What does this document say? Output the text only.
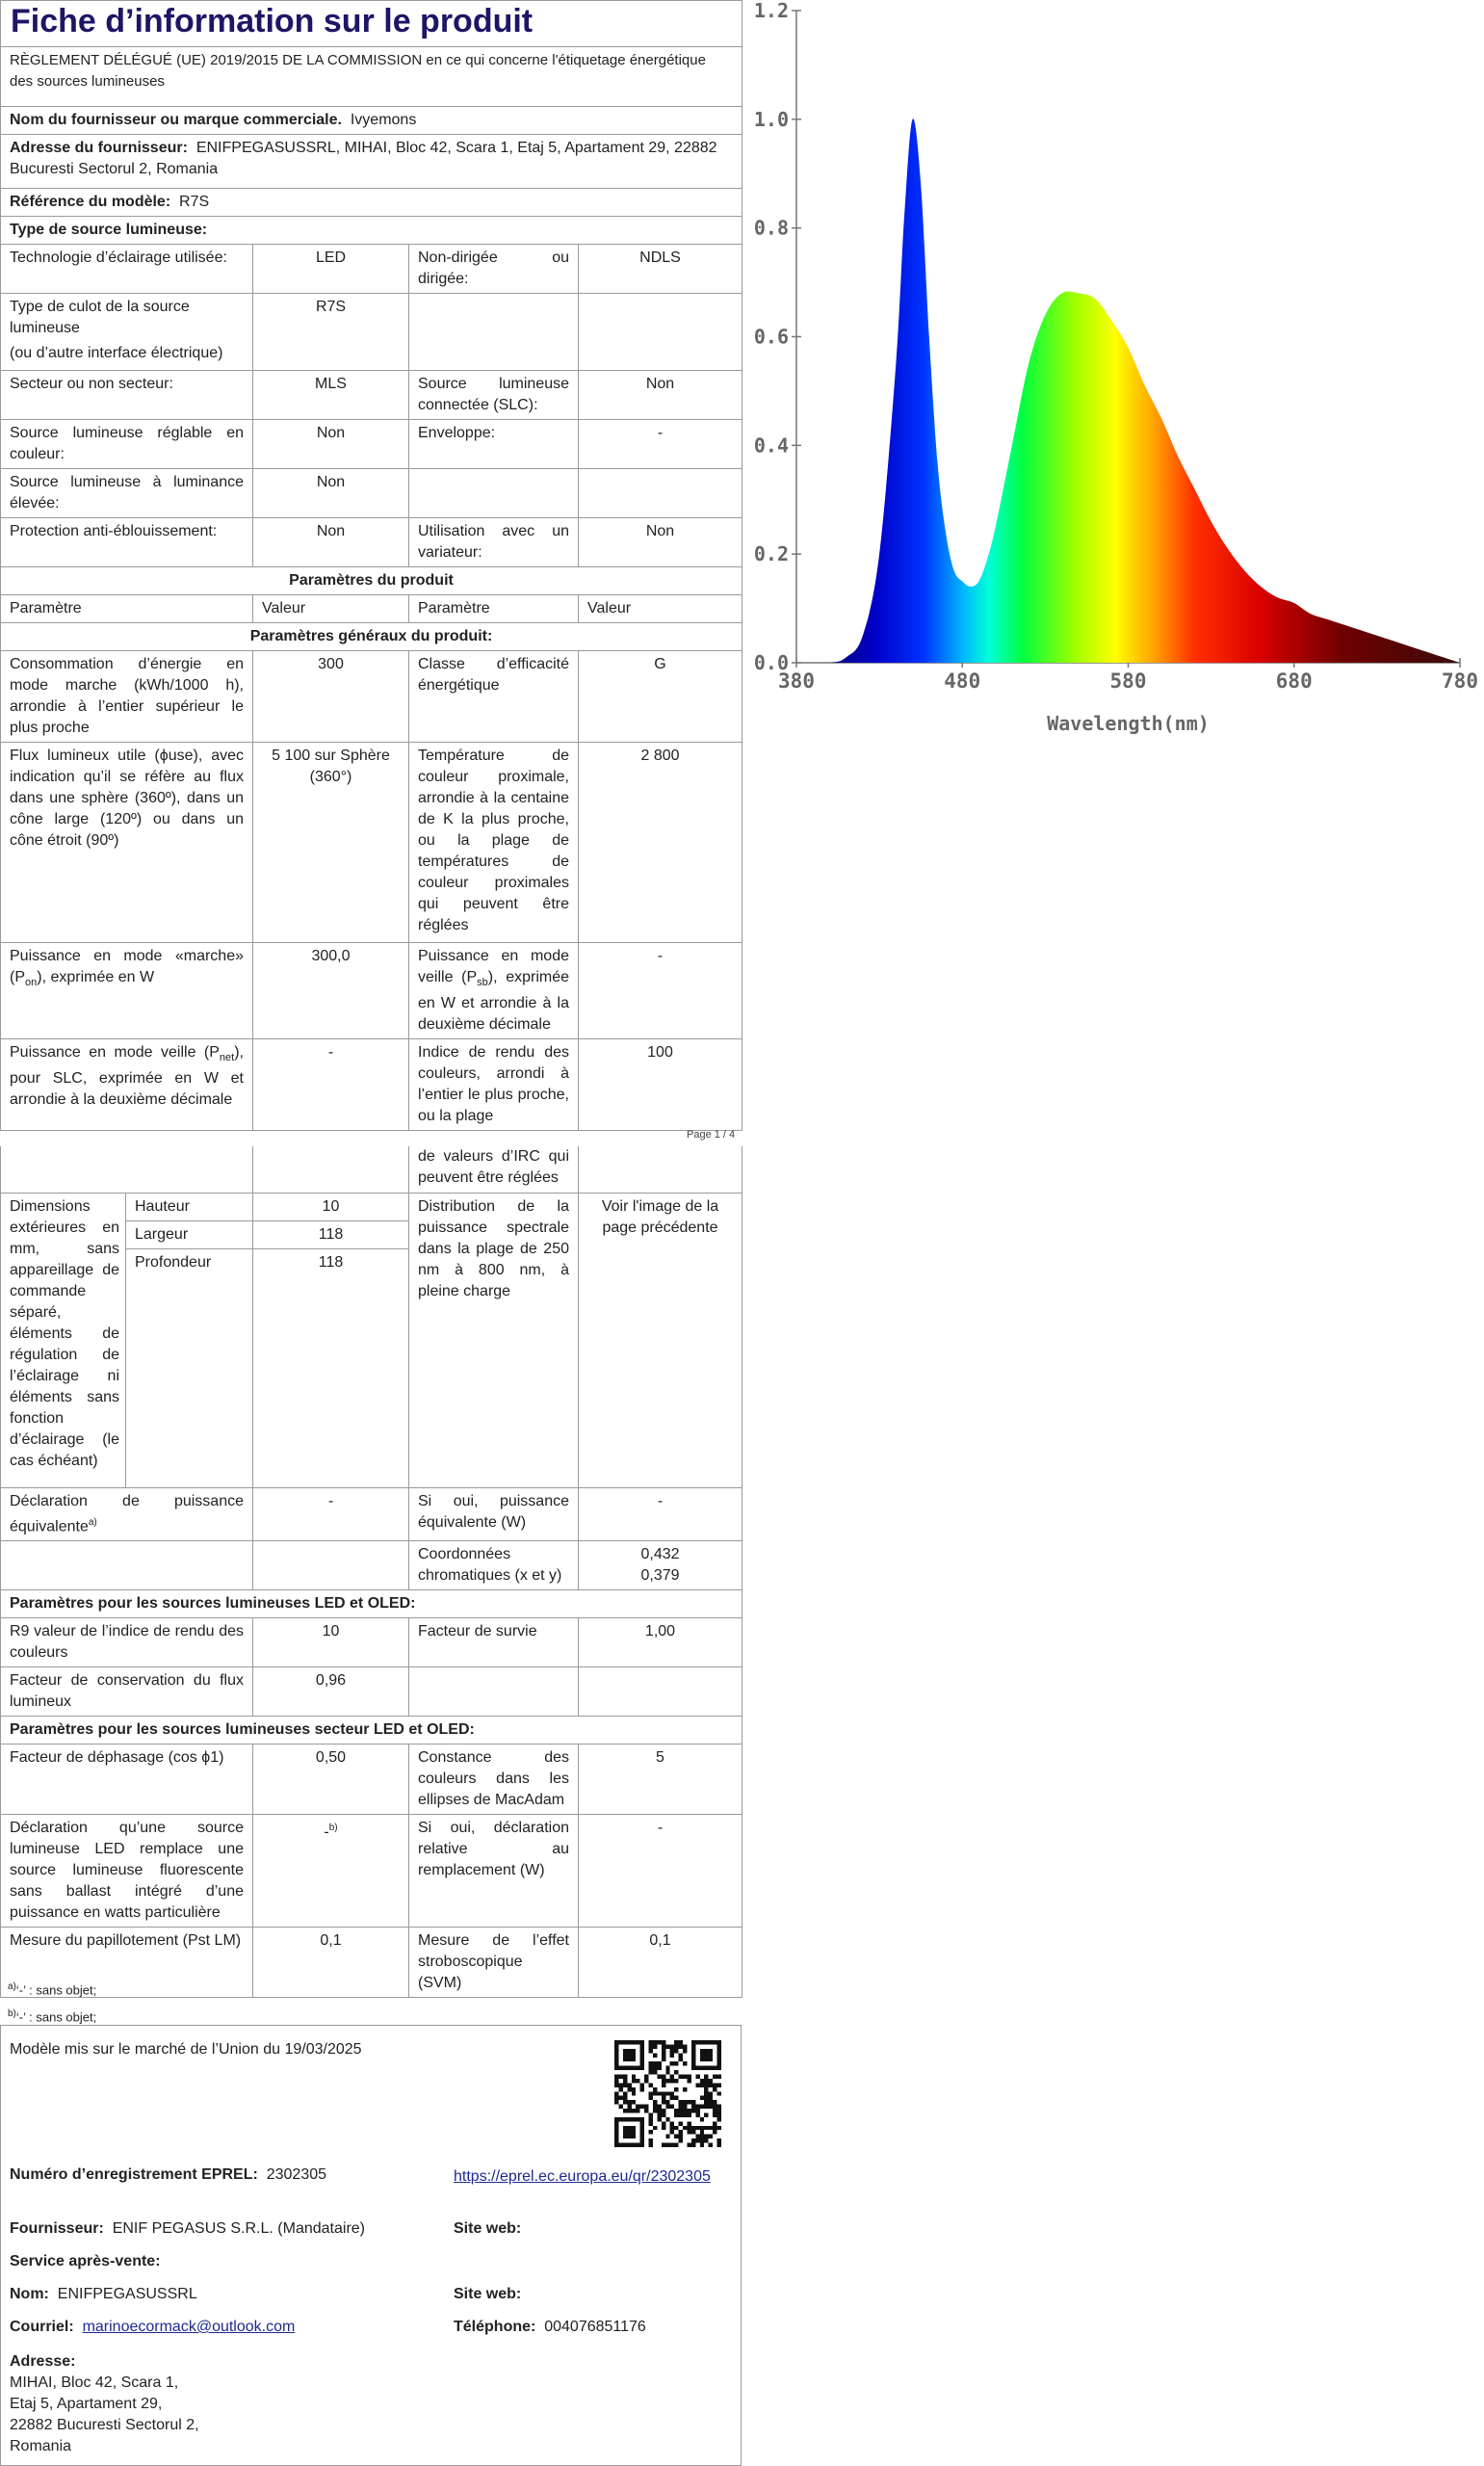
Fiche d’information sur le produit			
RÈGLEMENT DÉLÉGUÉ (UE) 2019/2015 DE LA COMMISSION en ce qui concerne l'étiquetage énergétique des sources lumineuses			
Nom du fournisseur ou marque commerciale. Ivyemons			
Adresse du fournisseur: ENIFPEGASUSSRL, MIHAI, Bloc 42, Scara 1, Etaj 5, Apartament 29, 22882 Bucuresti Sectorul 2, Romania			
Référence du modèle: R7S			
Type de source lumineuse:			
Technologie d’éclairage utilisée:	LED	Non-dirigée ou dirigée:	NDLS

Type de culot de la source lumineuse
(ou d’autre interface électrique)	R7S		
Secteur ou non secteur:	MLS	Source lumineuse connectée (SLC):	Non
Source lumineuse réglable en couleur:	Non	Enveloppe:	-
Source lumineuse à luminance élevée:	Non		
Protection anti-éblouissement:	Non	Utilisation avec un variateur:	Non
Paramètres du produit			
Paramètre	Valeur	Paramètre	Valeur
Paramètres généraux du produit:			
Consommation d’énergie en mode marche (kWh/1000 h), arrondie à l’entier supérieur le plus proche	300	Classe d’efficacité énergétique	G
Flux lumineux utile (ϕuse), avec indication qu’il se réfère au flux dans une sphère (360º), dans un cône large (120º) ou dans un cône étroit (90º)	5 100 sur Sphère (360°)	Température de couleur proximale, arrondie à la centaine de K la plus proche, ou la plage de températures de couleur proximales qui peuvent être réglées	2 800
Puissance en mode «marche» $(P_{on})$, exprimée en W	300,0	Puissance en mode veille $(P_{sb})$, exprimée en W et arrondie à la deuxième décimale	-
Puissance en mode veille $(P_{net})$, pour SLC, exprimée en W et arrondie à la deuxième décimale	-	Indice de rendu des couleurs, arrondi à l’entier le plus proche, ou la plage	100
Page 1 / 4
			de valeurs d’IRC qui peuvent être réglées	
Dimensions extérieures en mm, sans appareillage de commande séparé, éléments de régulation de l’éclairage ni éléments sans fonction d’éclairage (le cas échéant)	Hauteur	10	Distribution de la puissance spectrale dans la plage de 250 nm à 800 nm, à pleine charge	Voir l'image de la page précédente
	Largeur	118		
	Profondeur	118		
Déclaration de puissance équivalente$^{a)}$		-	Si oui, puissance équivalente (W)	-
			Coordonnées chromatiques (x et y)	0,432
0,379

Paramètres pour les sources lumineuses LED et OLED:				
R9 valeur de l’indice de rendu des couleurs		10	Facteur de survie	1,00
Facteur de conservation du flux lumineux		0,96		
Paramètres pour les sources lumineuses secteur LED et OLED:				
Facteur de déphasage (cos ϕ1)		0,50	Constance des couleurs dans les ellipses de MacAdam	5
Déclaration qu’une source lumineuse LED remplace une source lumineuse fluorescente sans ballast intégré d’une puissance en watts particulière		-$^{b)}$	Si oui, déclaration relative au remplacement (W)	-
Mesure du papillotement (Pst LM)		0,1	Mesure de l’effet stroboscopique (SVM)	0,1
$^{a)}$‘-’ : sans objet;
$^{b)}$‘-’ : sans objet;
Modèle mis sur le marché de l’Union du 19/03/2025
Numéro d’enregistrement EPREL: 2302305	https://eprel.ec.europa.eu/qr/2302305
Fournisseur: ENIF PEGASUS S.R.L. (Mandataire)	Site web:
Service après-vente:
Nom: ENIFPEGASUSSRL	Site web:
Courriel: marinoecormack@outlook.com	Téléphone: 004076851176
Adresse:
MIHAI, Bloc 42, Scara 1,
Etaj 5, Apartament 29,
22882 Bucuresti Sectorul 2,
Romania
0.0
0.2
0.4
0.6
0.8
1.0
1.2
380	480	580	680	780
Wavelength(nm)
